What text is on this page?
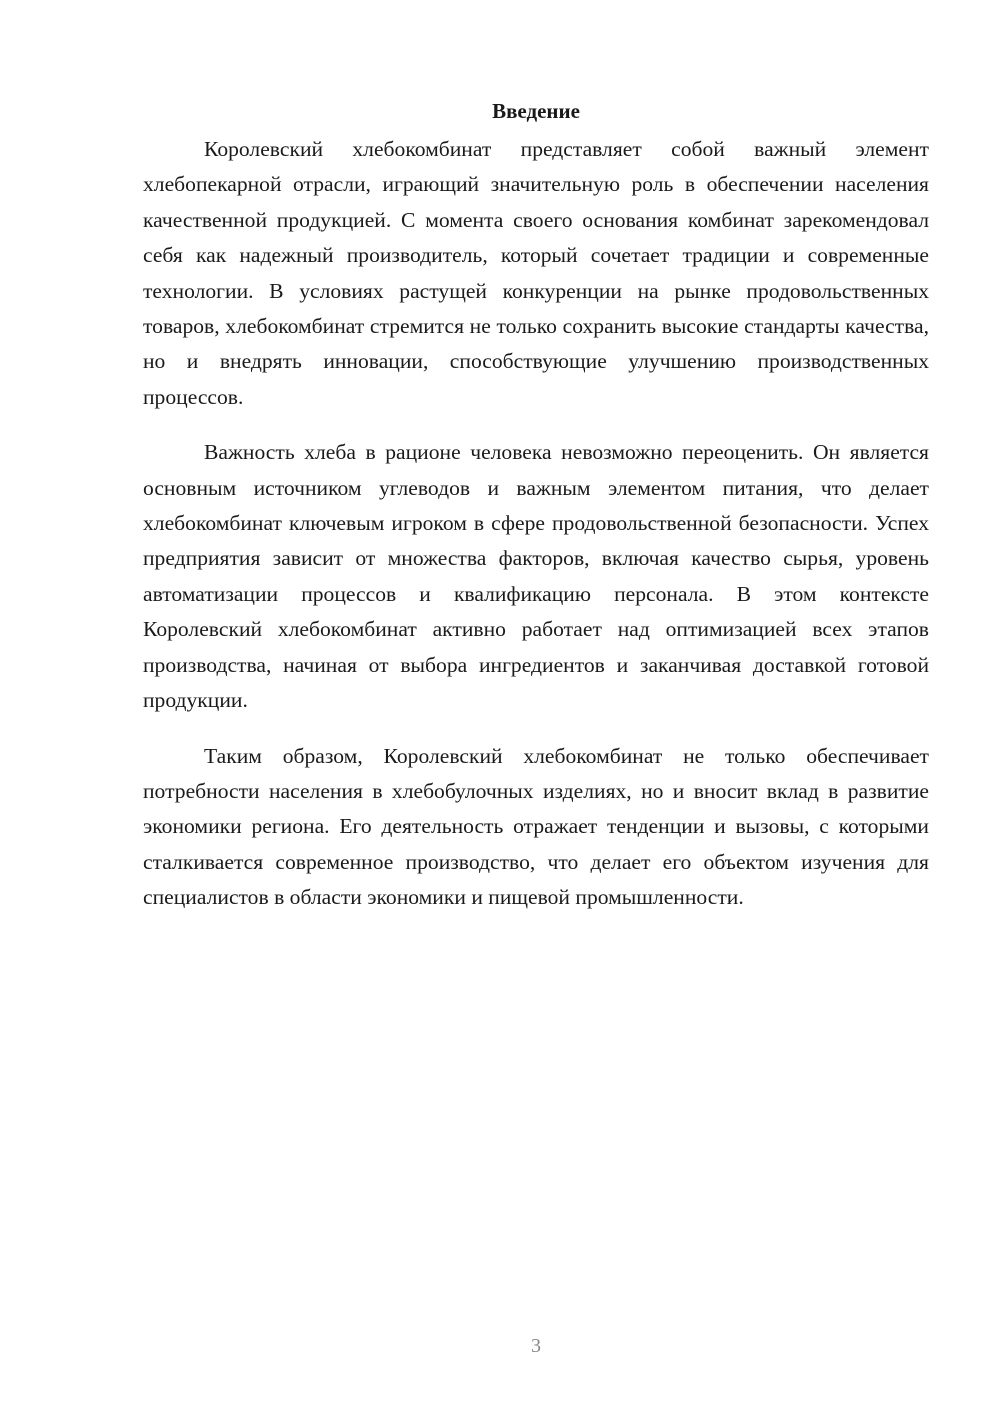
Введение

Королевский хлебокомбинат представляет собой важный элемент хлебопекарной отрасли, играющий значительную роль в обеспечении населения качественной продукцией. С момента своего основания комбинат зарекомендовал себя как надежный производитель, который сочетает традиции и современные технологии. В условиях растущей конкуренции на рынке продовольственных товаров, хлебокомбинат стремится не только сохранить высокие стандарты качества, но и внедрять инновации, способствующие улучшению производственных процессов.

Важность хлеба в рационе человека невозможно переоценить. Он является основным источником углеводов и важным элементом питания, что делает хлебокомбинат ключевым игроком в сфере продовольственной безопасности. Успех предприятия зависит от множества факторов, включая качество сырья, уровень автоматизации процессов и квалификацию персонала. В этом контексте Королевский хлебокомбинат активно работает над оптимизацией всех этапов производства, начиная от выбора ингредиентов и заканчивая доставкой готовой продукции.

Таким образом, Королевский хлебокомбинат не только обеспечивает потребности населения в хлебобулочных изделиях, но и вносит вклад в развитие экономики региона. Его деятельность отражает тенденции и вызовы, с которыми сталкивается современное производство, что делает его объектом изучения для специалистов в области экономики и пищевой промышленности.

3
